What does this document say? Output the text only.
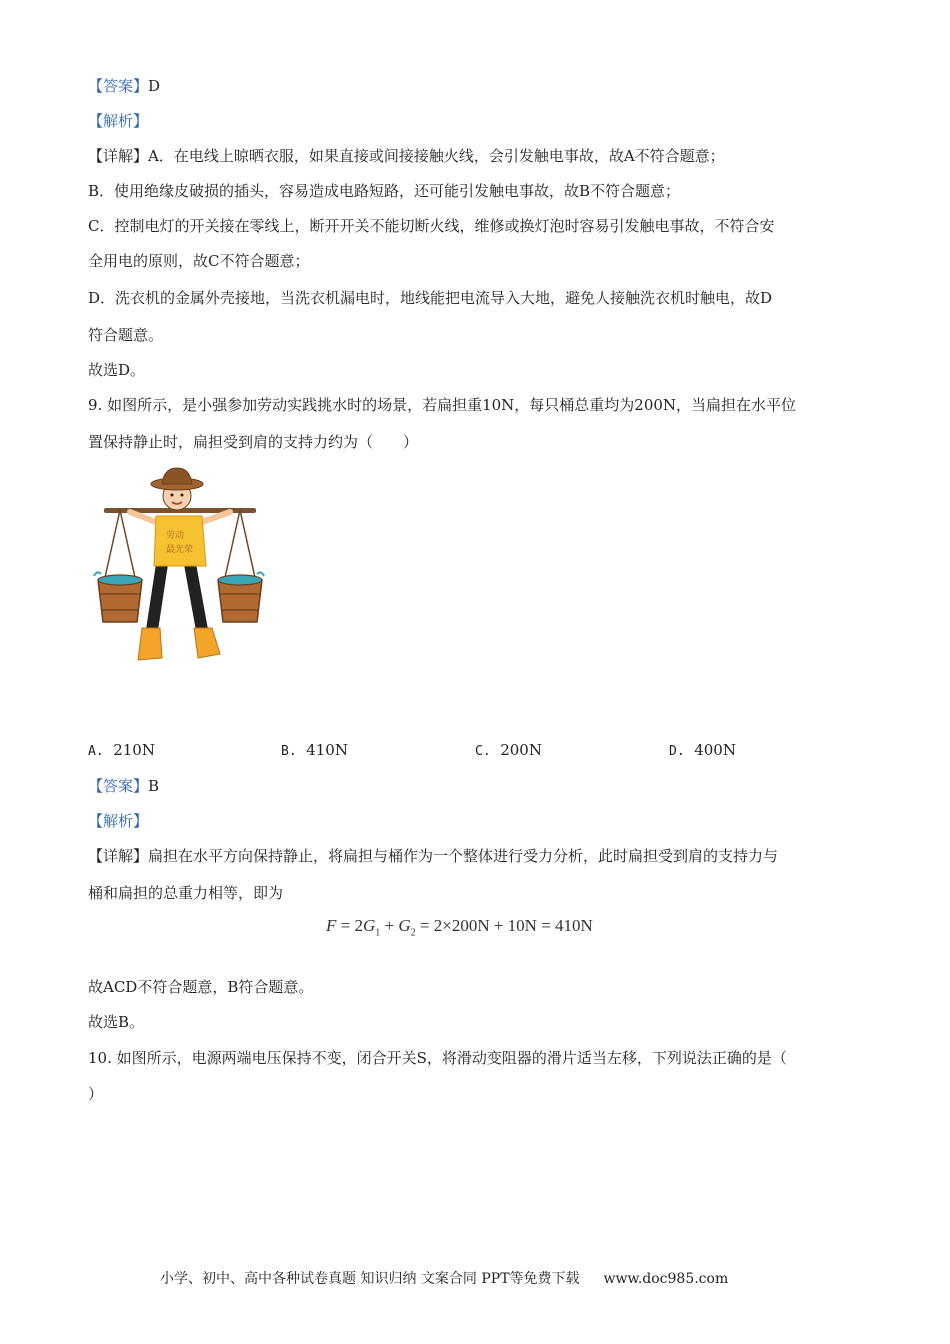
【答案】D
【解析】
【详解】A．在电线上晾晒衣服，如果直接或间接接触火线，会引发触电事故，故A不符合题意；
B．使用绝缘皮破损的插头，容易造成电路短路，还可能引发触电事故，故B不符合题意；
C．控制电灯的开关接在零线上，断开开关不能切断火线，维修或换灯泡时容易引发触电事故，不符合安
全用电的原则，故C不符合题意；
D．洗衣机的金属外壳接地，当洗衣机漏电时，地线能把电流导入大地，避免人接触洗衣机时触电，故D
符合题意。
故选D。
9. 如图所示，是小强参加劳动实践挑水时的场景，若扁担重10N，每只桶总重均为200N，当扁担在水平位
置保持静止时，扁担受到肩的支持力约为（　　）
劳动
最光荣
A. 210N	B. 410N	C. 200N	D. 400N
【答案】B
【解析】
【详解】扁担在水平方向保持静止，将扁担与桶作为一个整体进行受力分析，此时扁担受到肩的支持力与
桶和扁担的总重力相等，即为
$F = 2G_1 + G_2 = 2\times 200N + 10N = 410N$
故ACD不符合题意，B符合题意。
故选B。
10. 如图所示，电源两端电压保持不变，闭合开关S，将滑动变阻器的滑片适当左移，下列说法正确的是（
）
小学、初中、高中各种试卷真题 知识归纳 文案合同 PPT等免费下载 www.doc985.com
